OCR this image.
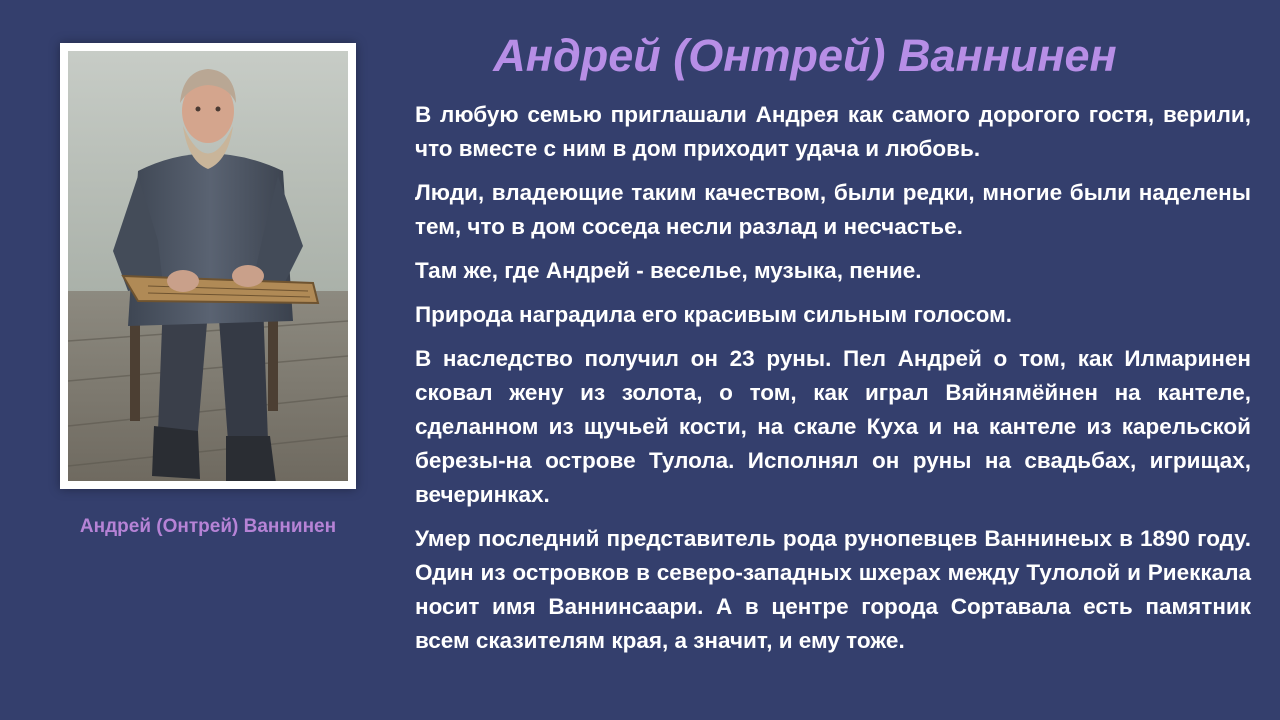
Андрей (Онтрей) Ваннинен
Андрей (Онтрей) Ваннинен

В любую семью приглашали Андрея как самого дорогого гостя, верили, что вместе с ним в дом приходит удача и любовь.

Люди, владеющие таким качеством, были редки, многие были наделены тем, что в дом соседа несли разлад и несчастье.

Там же, где Андрей - веселье, музыка, пение.

Природа наградила его красивым сильным голосом.

В наследство получил он 23 руны. Пел Андрей о том, как Илмаринен сковал жену из золота, о том, как играл Вяйнямёйнен на кантеле, сделанном из щучьей кости, на скале Куха и на кантеле из карельской березы-на острове Тулола. Исполнял он руны на свадьбах, игрищах, вечеринках.

Умер последний представитель рода рунопевцев Ваннинеых в 1890 году. Один из островков в северо-западных шхерах между Тулолой и Риеккала носит имя Ваннинсаари. А в центре города Сортавала есть памятник всем сказителям края, а значит, и ему тоже.
